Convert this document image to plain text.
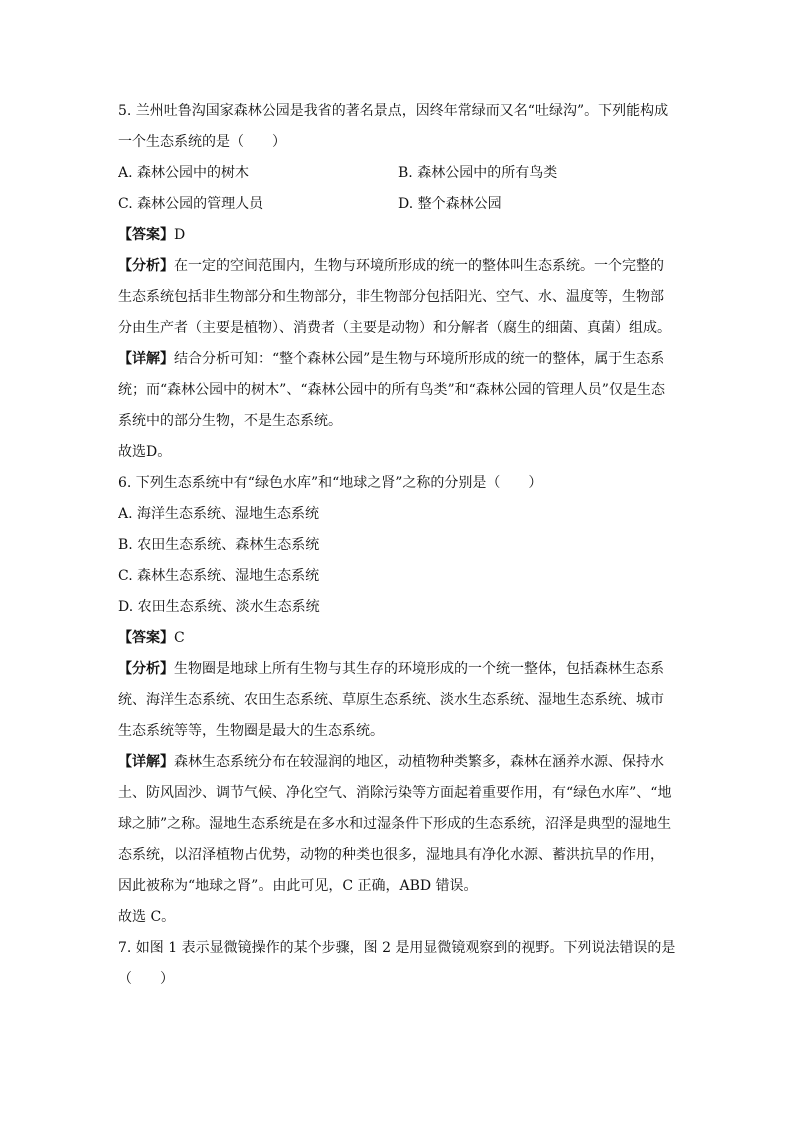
5. 兰州吐鲁沟国家森林公园是我省的著名景点，因终年常绿而又名“吐绿沟”。下列能构成
一个生态系统的是（　　）
A. 森林公园中的树木	B. 森林公园中的所有鸟类
C. 森林公园的管理人员	D. 整个森林公园
【答案】D
【分析】在一定的空间范围内，生物与环境所形成的统一的整体叫生态系统。一个完整的
生态系统包括非生物部分和生物部分，非生物部分包括阳光、空气、水、温度等，生物部
分由生产者（主要是植物）、消费者（主要是动物）和分解者（腐生的细菌、真菌）组成。
【详解】结合分析可知：“整个森林公园”是生物与环境所形成的统一的整体，属于生态系
统；而“森林公园中的树木”、“森林公园中的所有鸟类”和“森林公园的管理人员”仅是生态
系统中的部分生物，不是生态系统。
故选D。
6. 下列生态系统中有“绿色水库”和“地球之肾”之称的分别是（　　）
A. 海洋生态系统、湿地生态系统
B. 农田生态系统、森林生态系统
C. 森林生态系统、湿地生态系统
D. 农田生态系统、淡水生态系统
【答案】C
【分析】生物圈是地球上所有生物与其生存的环境形成的一个统一整体，包括森林生态系
统、海洋生态系统、农田生态系统、草原生态系统、淡水生态系统、湿地生态系统、城市
生态系统等等，生物圈是最大的生态系统。
【详解】森林生态系统分布在较湿润的地区，动植物种类繁多，森林在涵养水源、保持水
土、防风固沙、调节气候、净化空气、消除污染等方面起着重要作用，有“绿色水库”、“地
球之肺”之称。湿地生态系统是在多水和过湿条件下形成的生态系统，沼泽是典型的湿地生
态系统，以沼泽植物占优势，动物的种类也很多，湿地具有净化水源、蓄洪抗旱的作用，
因此被称为“地球之肾”。由此可见，C 正确，ABD 错误。
故选 C。
7. 如图 1 表示显微镜操作的某个步骤，图 2 是用显微镜观察到的视野。下列说法错误的是
（　　）
